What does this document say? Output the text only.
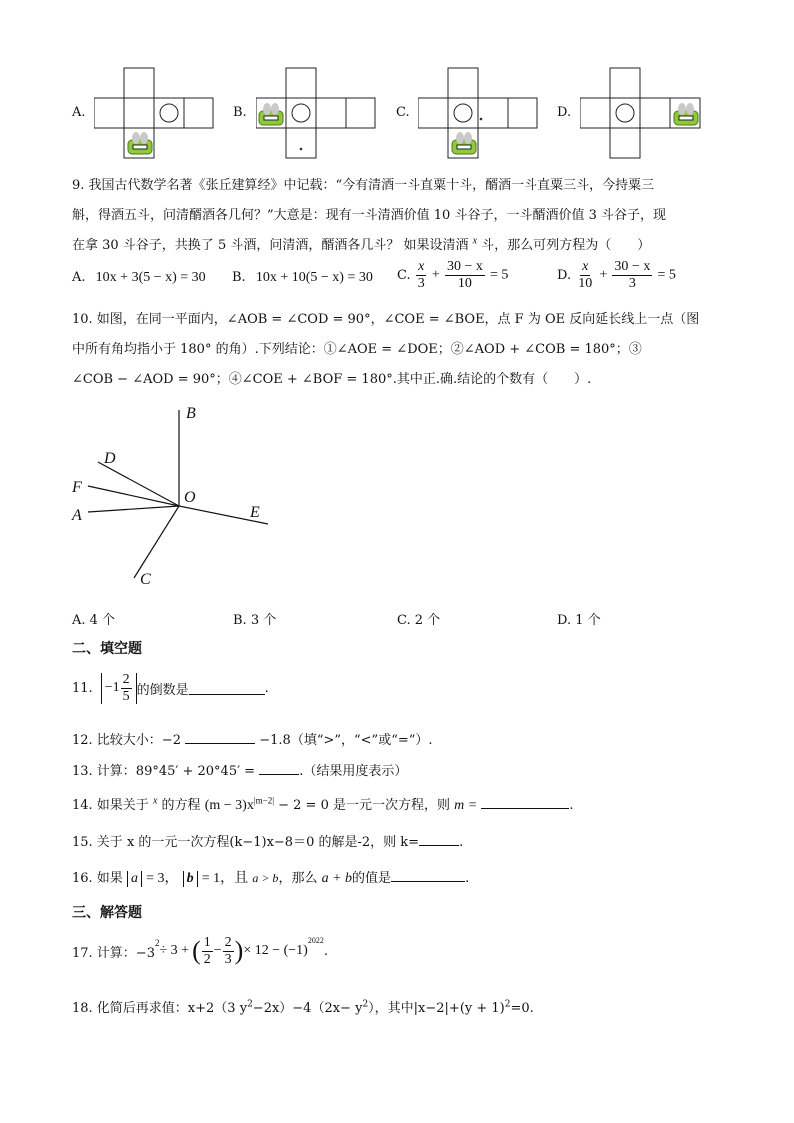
A.	B.	C.	D.
9. 我国古代数学名著《张丘建算经》中记载：“今有清酒一斗直粟十斗，醑酒一斗直粟三斗，今持粟三
斛，得酒五斗，问清醑酒各几何？”大意是：现有一斗清酒价值 10 斗谷子，一斗醑酒价值 3 斗谷子，现
在拿 30 斗谷子，共换了 5 斗酒，问清酒，醑酒各几斗？ 如果设清酒 $^x$ 斗，那么可列方程为（　　）
A. 10x + 3(5 − x) = 30 B. 10x + 10(5 − x) = 30 C. $\frac{x}{3} + \frac{30 - x}{10} = 5$	D. $\frac{x}{10} + \frac{30 - x}{3} = 5$
10. 如图，在同一平面内，∠AOB = ∠COD = 90°，∠COE = ∠BOE，点 F 为 OE 反向延长线上一点（图
中所有角均指小于 180° 的角）.下列结论：①∠AOE = ∠DOE；②∠AOD + ∠COB = 180°；③
∠COB − ∠AOD = 90°；④∠COE + ∠BOF = 180°.其中正.确.结论的个数有（　　）.
B
D
F
O
A	E
C
A. 4 个	B. 3 个	C. 2 个	D. 1 个
二、填空题
11. $-1 \frac{2}{5}$ 的倒数是	.
12. 比较大小：−2	−1.8（填“>”，“<”或“=”）.
13. 计算：89°45′ + 20°45′ =	.（结果用度表示）
14. 如果关于 $^x$ 的方程 $(m - 3)x^{|m-2|} - 2 = 0$ 是一元一次方程，则 m =	.
15. 关于 x 的一元一次方程(k−1)x−8＝0 的解是-2，则 k=	.
16. 如果 a = 3， b = 1，且 a > b，那么 a + b的值是	.
三、解答题
17. 计算：−3
2 ÷ 3 + ( $\frac{1}{2} - \frac{2}{3}$ ) × 12 − (−1)
2022
.
18. 化简后再求值：x+2（3 $y^2-2x)-4(2x- y^2)$，其中$|x-2|+(y + 1)^2=0$.
